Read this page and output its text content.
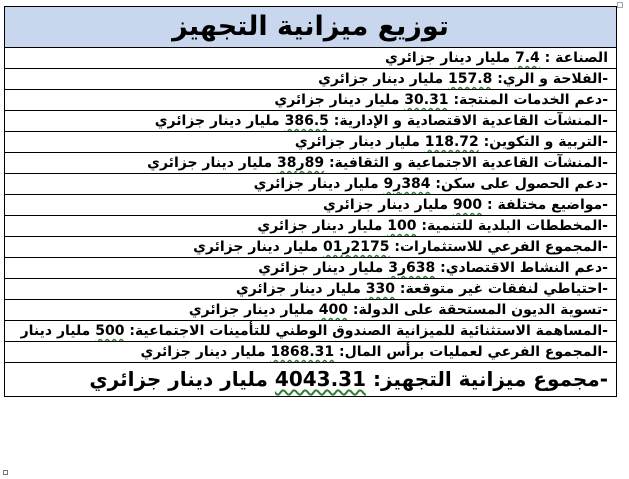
توزيع ميزانية التجهيز
الصناعة : 7.4 مليار دينار جزائري
-الفلاحة و الري: 157.8 مليار دينار جزائري
-دعم الخدمات المنتجة: 30.31 مليار دينار جزائري
-المنشآت القاعدية الاقتصادية و الإدارية: 386.5 مليار دينار جزائري
-التربية و التكوين: 118.72 مليار دينار جزائري
-المنشآت القاعدية الاجتماعية و الثقافية: 89ر38 مليار دينار جزائري
-دعم الحصول على سكن: 384ر9 مليار دينار جزائري
-مواضيع مختلفة : 900 مليار دينار جزائري
-المخططات البلدية للتنمية: 100 مليار دينار جزائري
-المجموع الفرعي للاستثمارات: 2175ر01 مليار دينار جزائري
-دعم النشاط الاقتصادي: 638ر3 مليار دينار جزائري
-احتياطي لنفقات غير متوقعة: 330 مليار دينار جزائري
-تسوية الديون المستحقة على الدولة: 400 مليار دينار جزائري
-المساهمة الاستثنائية للميزانية الصندوق الوطني للتأمينات الاجتماعية: 500 مليار دينار
-المجموع الفرعي لعمليات برأس المال: 1868.31 مليار دينار جزائري
-مجموع ميزانية التجهيز: 4043.31 مليار دينار جزائري
